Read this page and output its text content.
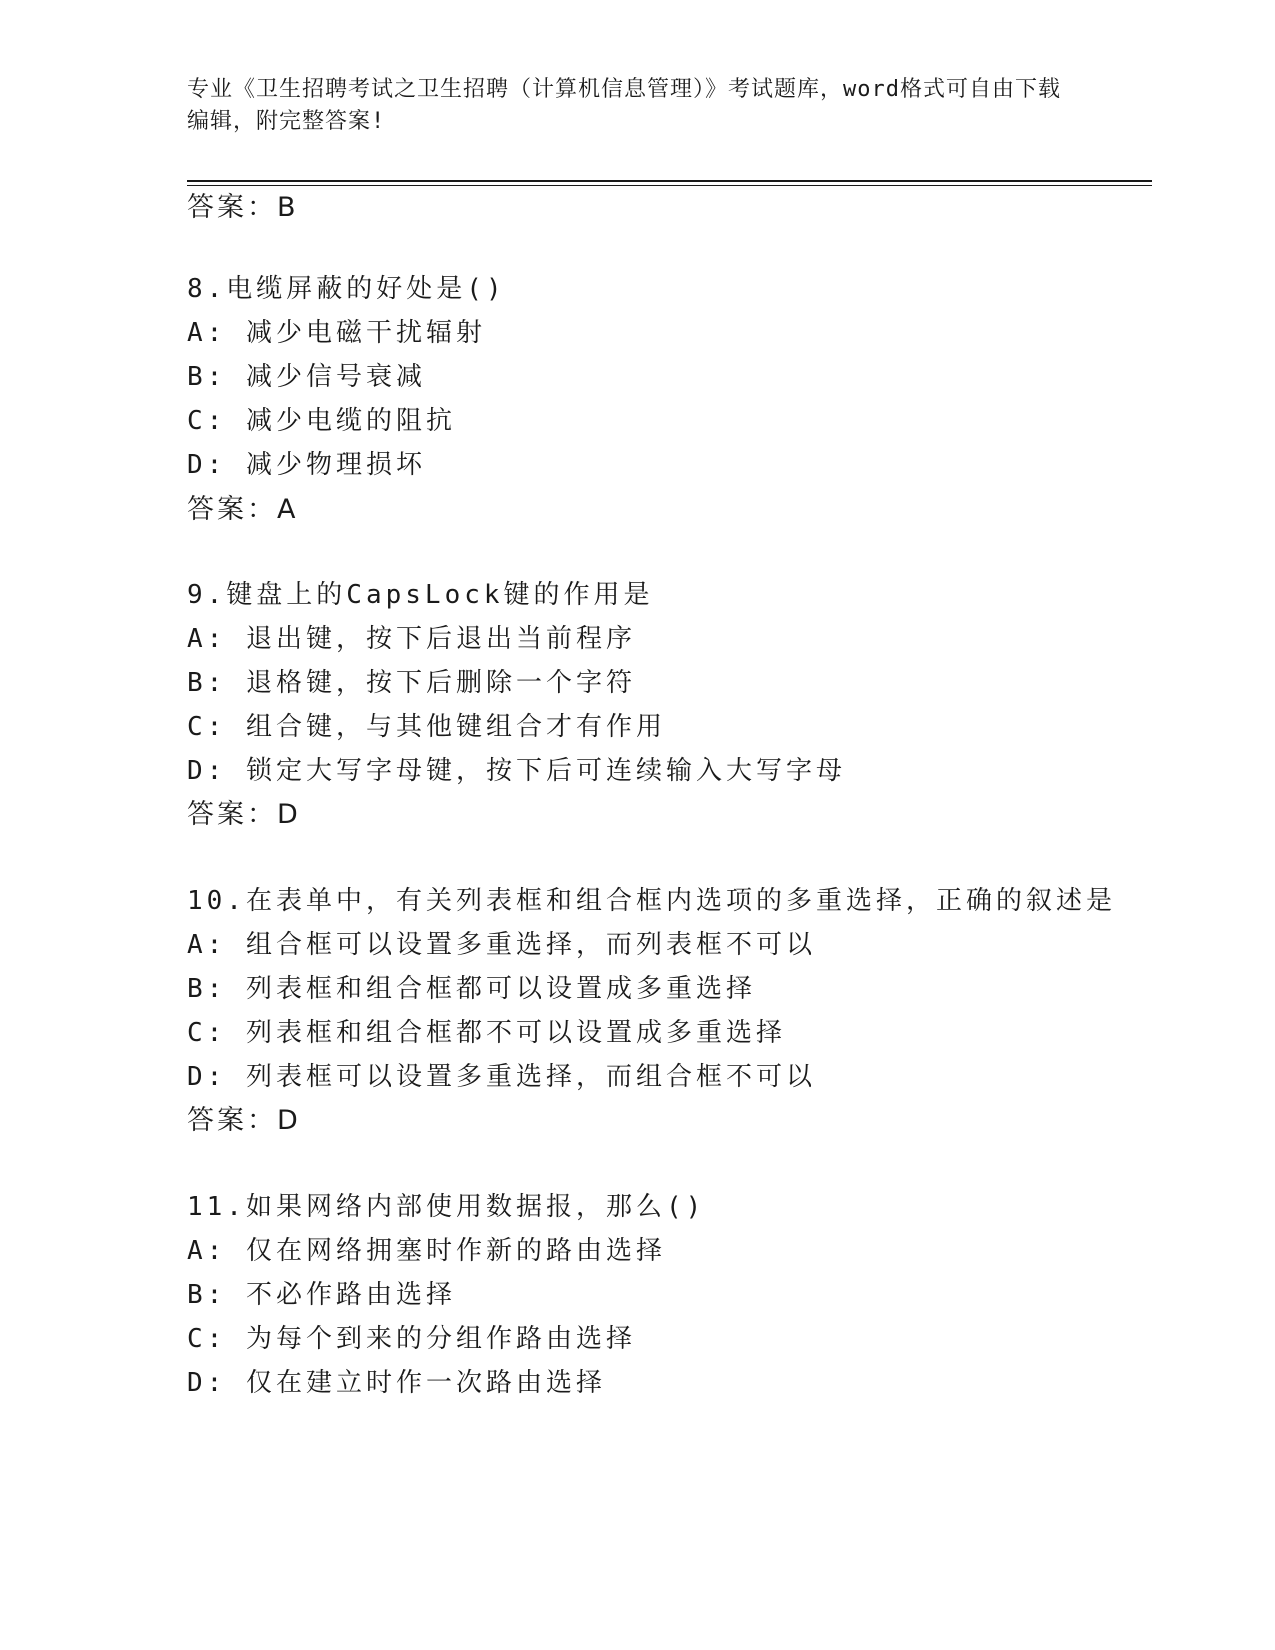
专业《卫生招聘考试之卫生招聘（计算机信息管理）》考试题库，word格式可自由下载编辑，附完整答案!
答案：B
8.电缆屏蔽的好处是()
A: 减少电磁干扰辐射
B: 减少信号衰减
C: 减少电缆的阻抗
D: 减少物理损坏
答案：A
9.键盘上的CapsLock键的作用是
A: 退出键，按下后退出当前程序
B: 退格键，按下后删除一个字符
C: 组合键，与其他键组合才有作用
D: 锁定大写字母键，按下后可连续输入大写字母
答案：D
10.在表单中，有关列表框和组合框内选项的多重选择，正确的叙述是
A: 组合框可以设置多重选择，而列表框不可以
B: 列表框和组合框都可以设置成多重选择
C: 列表框和组合框都不可以设置成多重选择
D: 列表框可以设置多重选择，而组合框不可以
答案：D
11.如果网络内部使用数据报，那么()
A: 仅在网络拥塞时作新的路由选择
B: 不必作路由选择
C: 为每个到来的分组作路由选择
D: 仅在建立时作一次路由选择
